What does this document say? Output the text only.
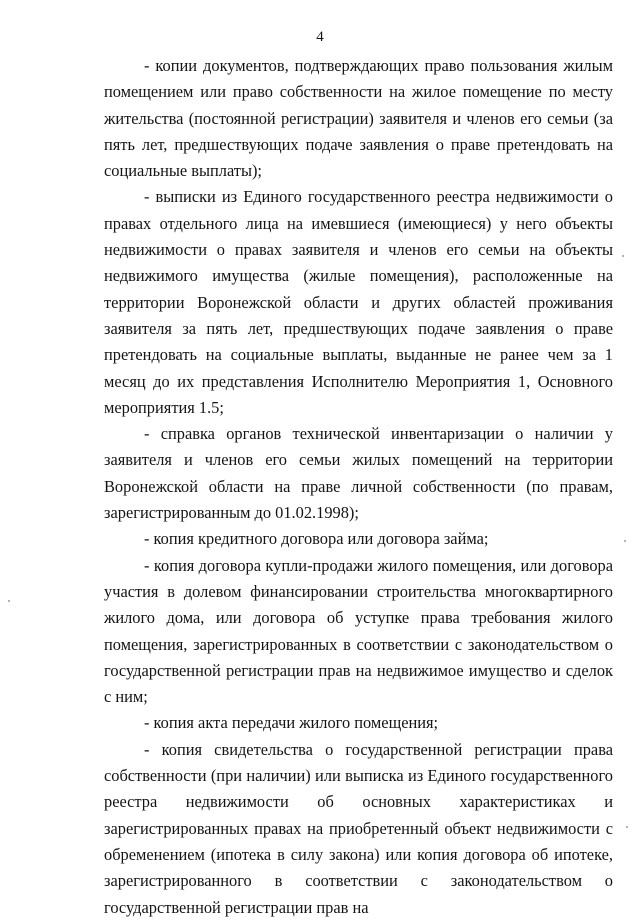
4

- копии документов, подтверждающих право пользования жилым помещением или право собственности на жилое помещение по месту жительства (постоянной регистрации) заявителя и членов его семьи (за пять лет, предшествующих подаче заявления о праве претендовать на социальные выплаты);

- выписки из Единого государственного реестра недвижимости о правах отдельного лица на имевшиеся (имеющиеся) у него объекты недвижимости о правах заявителя и членов его семьи на объекты недвижимого имущества (жилые помещения), расположенные на территории Воронежской области и других областей проживания заявителя за пять лет, предшествующих подаче заявления о праве претендовать на социальные выплаты, выданные не ранее чем за 1 месяц до их представления Исполнителю Мероприятия 1, Основного мероприятия 1.5;

- справка органов технической инвентаризации о наличии у заявителя и членов его семьи жилых помещений на территории Воронежской области на праве личной собственности (по правам, зарегистрированным до 01.02.1998);

- копия кредитного договора или договора займа;

- копия договора купли-продажи жилого помещения, или договора участия в долевом финансировании строительства многоквартирного жилого дома, или договора об уступке права требования жилого помещения, зарегистрированных в соответствии с законодательством о государственной регистрации прав на недвижимое имущество и сделок с ним;

- копия акта передачи жилого помещения;

- копия свидетельства о государственной регистрации права собственности (при наличии) или выписка из Единого государственного реестра недвижимости об основных характеристиках и зарегистрированных правах на приобретенный объект недвижимости с обременением (ипотека в силу закона) или копия договора об ипотеке, зарегистрированного в соответствии с законодательством о государственной регистрации прав на
